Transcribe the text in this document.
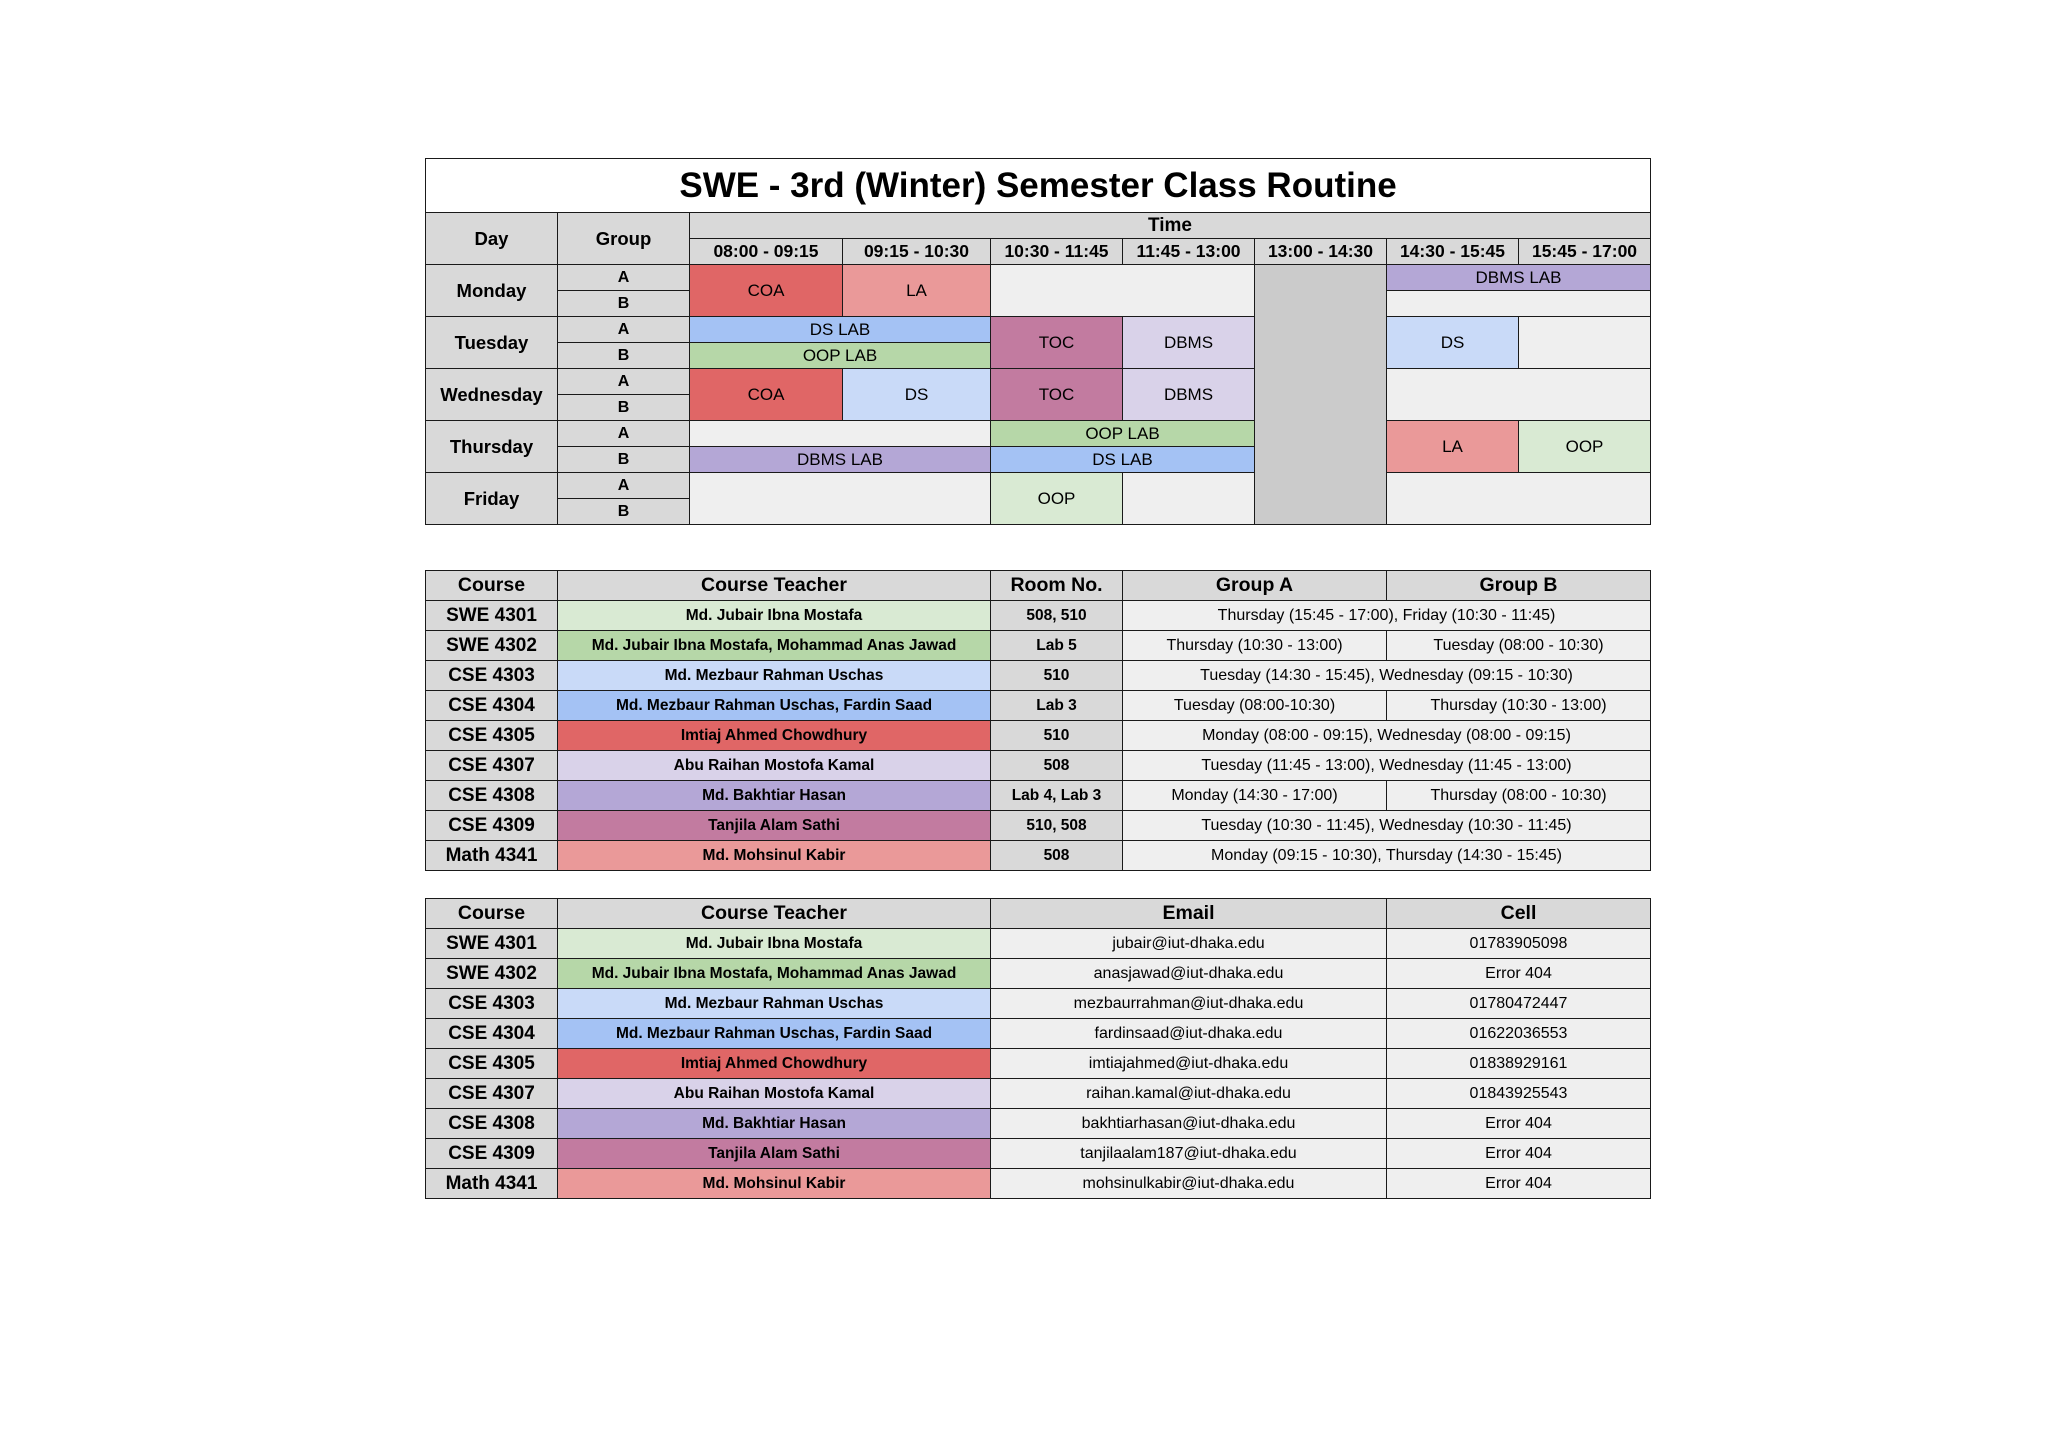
SWE - 3rd (Winter) Semester Class Routine								
Day	Group	Time						
		08:00 - 09:15	09:15 - 10:30	10:30 - 11:45	11:45 - 13:00	13:00 - 14:30	14:30 - 15:45	15:45 - 17:00
Monday	A	COA	LA				DBMS LAB	
	B							
Tuesday	A	DS LAB		TOC	DBMS		DS	
	B	OOP LAB						
Wednesday	A	COA	DS	TOC	DBMS			
	B							
Thursday	A			OOP LAB			LA	OOP
	B	DBMS LAB		DS LAB				
Friday	A			OOP				
	B							
Course	Course Teacher	Room No.	Group A	Group B
SWE 4301	Md. Jubair Ibna Mostafa	508, 510	Thursday (15:45 - 17:00), Friday (10:30 - 11:45)	
SWE 4302	Md. Jubair Ibna Mostafa, Mohammad Anas Jawad	Lab 5	Thursday (10:30 - 13:00)	Tuesday (08:00 - 10:30)
CSE 4303	Md. Mezbaur Rahman Uschas	510	Tuesday (14:30 - 15:45), Wednesday (09:15 - 10:30)	
CSE 4304	Md. Mezbaur Rahman Uschas, Fardin Saad	Lab 3	Tuesday (08:00-10:30)	Thursday (10:30 - 13:00)
CSE 4305	Imtiaj Ahmed Chowdhury	510	Monday (08:00 - 09:15), Wednesday (08:00 - 09:15)	
CSE 4307	Abu Raihan Mostofa Kamal	508	Tuesday (11:45 - 13:00), Wednesday (11:45 - 13:00)	
CSE 4308	Md. Bakhtiar Hasan	Lab 4, Lab 3	Monday (14:30 - 17:00)	Thursday (08:00 - 10:30)
CSE 4309	Tanjila Alam Sathi	510, 508	Tuesday (10:30 - 11:45), Wednesday (10:30 - 11:45)	
Math 4341	Md. Mohsinul Kabir	508	Monday (09:15 - 10:30), Thursday (14:30 - 15:45)	
Course	Course Teacher	Email	Cell
SWE 4301	Md. Jubair Ibna Mostafa	jubair@iut-dhaka.edu	01783905098
SWE 4302	Md. Jubair Ibna Mostafa, Mohammad Anas Jawad	anasjawad@iut-dhaka.edu	Error 404
CSE 4303	Md. Mezbaur Rahman Uschas	mezbaurrahman@iut-dhaka.edu	01780472447
CSE 4304	Md. Mezbaur Rahman Uschas, Fardin Saad	fardinsaad@iut-dhaka.edu	01622036553
CSE 4305	Imtiaj Ahmed Chowdhury	imtiajahmed@iut-dhaka.edu	01838929161
CSE 4307	Abu Raihan Mostofa Kamal	raihan.kamal@iut-dhaka.edu	01843925543
CSE 4308	Md. Bakhtiar Hasan	bakhtiarhasan@iut-dhaka.edu	Error 404
CSE 4309	Tanjila Alam Sathi	tanjilaalam187@iut-dhaka.edu	Error 404
Math 4341	Md. Mohsinul Kabir	mohsinulkabir@iut-dhaka.edu	Error 404
